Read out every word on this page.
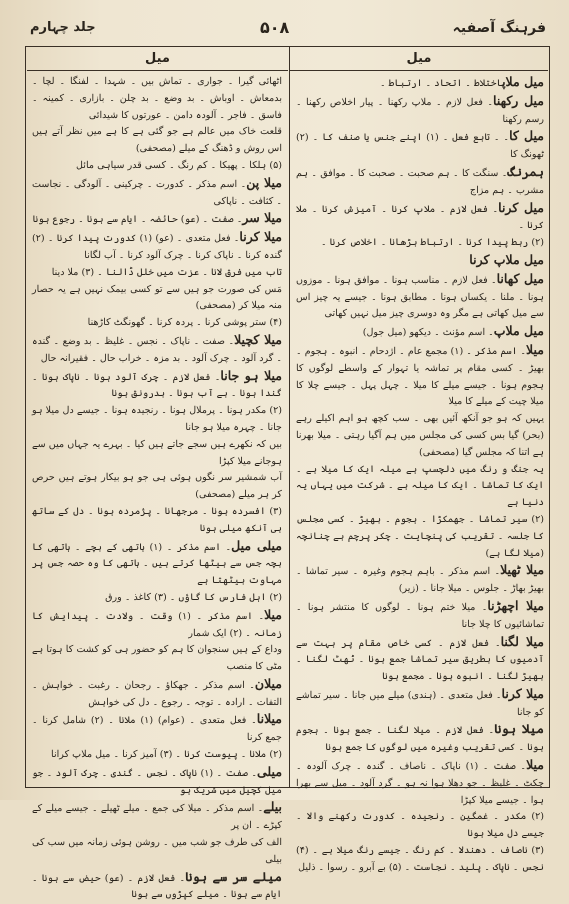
فرہنگ آصفیہ
۵۰۸
جلد چہارم
میل
میل

میل ملاپاختلاط ۔ اتحاد ۔ ارتباط ۔

میل رکھنا۔ فعل لازم ۔ ملاپ رکھنا ۔ پیار اخلاص رکھنا ۔ رسم رکھنا

میل کا۔ ۔ تابع فعل ۔ (۱) اپنے جنس یا صنف کا ۔ (۲) ٹھونگ کا

ہمرنگ۔ سنگت کا ۔ ہم صحبت ۔ صحبت کا ۔ موافق ۔ ہم مشرب ۔ ہم مزاج

میل کرنا۔ فعل لازم ۔ ملاپ کرنا ۔ آمیزش کرنا ۔ ملا کرنا ۔

(۲) ربط پیدا کرنا ۔ ارتباط بڑھانا ۔ اخلاص کرنا ۔

میل ملاپ کرنا

میل کھانا۔ فعل لازم ۔ مناسب ہونا ۔ موافق ہونا ۔ موزوں ہونا ۔ ملنا ۔ یکساں ہونا ۔ مطابق ہونا ۔ جیسے یہ چیز اس سے میل کھاتی ہے مگر وہ دوسری چیز میل نہیں کھاتی

میل ملاپ۔ اسم مؤنث ۔ دیکھو (میل جول)

میلا۔ اسم مذکر ۔ (۱) مجمع عام ۔ اژدحام ۔ انبوہ ۔ ہجوم ۔ بھیڑ ۔ کسی مقام پر تماشہ یا تہوار کے واسطے لوگوں کا ہجوم ہونا ۔ جیسے میلے کا میلا ۔ چہل پہل ۔ جیسے چلا کا میلا چیت کے میلے کا میلا

یہیں کہ ہو جو آنکھ آئیں بھی ۔ سب کچھ ہو اہم اکیلے رہے (بحر) گیا بس کسی کی مجلس میں ہم آگیا رہتی ۔ میلا بھرنا ہے اتنا کہ مجلس گیا (مصحفی)

یہ جنگ و رنگ میں دلچسپ ہے میلہ ایک کا میلا ہے ۔ ایک کا تماشا ۔ ایک کا میلہ ہے ۔ شرکت میں یہاں یہ دنیا ہے

(۲) سیر تماشا ۔ جھمکڑا ۔ ہجوم ۔ بھیڑ ۔ کسی مجلس کا جلسہ ۔ تقریب کی پنچایت ۔ چکر پرچم بے چنانچہ (میلا لگا ہے)

میلا ٹھیلا۔ اسم مذکر ۔ باہم ہجوم وغیرہ ۔ سیر تماشا ۔ بھیڑ بھاڑ ۔ جلوس ۔ میلا جانا ۔ (زیر)

میلا اچھڑنا۔ میلا ختم ہونا ۔ لوگوں کا منتشر ہونا ۔ تماشائیوں کا چلا جانا

میلا لگنا۔ فعل لازم ۔ کسی خاص مقام پر بہت سے آدمیوں کا بطریق سیر تماشا جمع ہونا ۔ ٹھٹ لگنا ۔ بھیڑ لگنا ۔ انبوہ ہونا ۔ مجمع ہونا

میلا کرنا۔ فعل متعدی ۔ (ہندی) میلے میں جانا ۔ سیر تماشے کو جانا

میلا ہونا۔ فعل لازم ۔ میلا لگنا ۔ جمع ہونا ۔ ہجوم ہونا ۔ کسی تقریب وغیرہ میں لوگوں کا جمع ہونا

میلا۔ صفت ۔ (۱) ناپاک ۔ ناصاف ۔ گندہ ۔ چرک آلودہ ۔ چکٹ ۔ غلیظ ۔ جو دھلا ہوا نہ ہو ۔ گرد آلود ۔ میل سے بھرا ہوا ۔ جیسے میلا کپڑا

(۲) مکدر ۔ غمگین ۔ رنجیدہ ۔ کدورت رکھنے والا ۔ جیسے دل میلا ہونا

(۳) ناصاف ۔ دھندلا ۔ کم رنگ ۔ جیسے رنگ میلا ہے ۔ (۴) نجس ۔ ناپاک ۔ پلید ۔ نجاست ۔ (۵) بے آبرو ۔ رسوا ۔ ذلیل

اٹھائی گیرا ۔ جواری ۔ تماش بیں ۔ شہدا ۔ لفنگا ۔ لچا ۔ بدمعاش ۔ اوباش ۔ بد وضع ۔ بد چلن ۔ بازاری ۔ کمینہ ۔ فاسق ۔ فاجر ۔ آلودہ دامن ۔ عورتوں کا شیدائی

قلعت خاک میں عالم ہے جو گئی ہے کا ہے میں نظر آتے ہیں اس روش و ڈھنگ کے میلے (مصحفی)

(۵) ہلکا ۔ پھیکا ۔ کم رنگ ۔ کسی قدر سیاہی مائل

میلا پن۔ اسم مذکر ۔ کدورت ۔ چرکینی ۔ آلودگی ۔ نجاست ۔ کثافت ۔ ناپاکی

میلا سر۔ صفت ۔ (عو) حائضہ ۔ ایام سے ہونا ۔ رجوع ہونا

میلا کرنا۔ فعل متعدی ۔ (عو) (۱) کدورت پیدا کرنا ۔ (۲) گندہ کرنا ۔ ناپاک کرنا ۔ چرک آلود کرنا ۔ آب لگانا

تاب میں فرق لانا ۔ عزت میں خلل ڈالنا ۔ (۳) ملا دینا

مَس کی صورت جو ہیں سے تو کسی بیمک نہیں ہے یہ حصار منہ میلا کر (مصحفی)

(۴) ستر پوشی کرنا ۔ پردہ کرنا ۔ گھونگٹ کاڑھنا

میلا کچیلا۔ صفت ۔ ناپاک ۔ نجس ۔ غلیظ ۔ بد وضع ۔ گندہ ۔ گرد آلود ۔ چرک آلود ۔ بد مزہ ۔ خراب حال ۔ فقیرانہ حال

میلا ہو جانا۔ فعل لازم ۔ چرک آلود ہونا ۔ ناپاک ہونا ۔ گندا ہونا ۔ بے آب ہونا ۔ بدرونق ہونا

(۲) مکدر ہونا ۔ پرملال ہونا ۔ رنجیدہ ہونا ۔ جیسے دل میلا ہو جانا ۔ چہرہ میلا ہو جانا

بیں کہ نکھرے ہیں سجے جاتے ہیں کیا ۔ بہرے یہ جہاں میں سے ہوجانے میلا کپڑا

آب شمشیر سر نگوں ہوئی ہی جو ہو بیکار ہوتے ہیں حرص کر ہر میلے (مصحفی)

(۳) افسردہ ہونا ۔ مرجھانا ۔ پژمردہ ہونا ۔ دل کے ساتھ ہی آنکھ میلی ہونا

میلی میل۔ اسم مذکر ۔ (۱) ہاتھی کے بچے ۔ ہاتھی کا بچہ جس سے بیٹھا کرتے ہیں ۔ ہاتھی کا وہ حصہ جس پر مہاوت بیٹھتا ہے

(۲) اہل فارس کا گاؤں ۔ (۳) کاغذ ۔ ورق

میلا۔ اسم مذکر ۔ (۱) وقت ۔ ولادت ۔ پیدایش کا زمانہ ۔ (۲) ایک شمار

وداع کے ہیں سنجوان کا ہم کو حضور ہی کو کشت کا ہوتا ہے مٹی کا منصب

میلان۔ اسم مذکر ۔ جھکاؤ ۔ رجحان ۔ رغبت ۔ خواہش ۔ التفات ۔ ارادہ ۔ توجہ ۔ رجوع ۔ دل کی خواہش

میلانا۔ فعل متعدی ۔ (عوام) (۱) ملانا ۔ (۲) شامل کرنا ۔ جمع کرنا

(۲) ملانا ۔ پیوست کرنا ۔ (۳) آمیز کرنا ۔ میل ملاپ کرانا

میلی۔ صفت ۔ (۱) ناپاک ۔ نجس ۔ گندی ۔ چرک آلود ۔ جو میل کچیل میں شریک ہو

بیلے۔ اسم مذکر ۔ میلا کی جمع ۔ میلے ٹھیلے ۔ جیسے میلے کے کپڑے ۔ ان پر

الف کی طرف جو شب میں ۔ روشن ہوئی زمانہ میں سب کی بیلی

میلے سر سے ہونا۔ فعل لازم ۔ (عو) حیض سے ہونا ۔ ایام سے ہونا ۔ میلے کپڑوں سے ہونا
